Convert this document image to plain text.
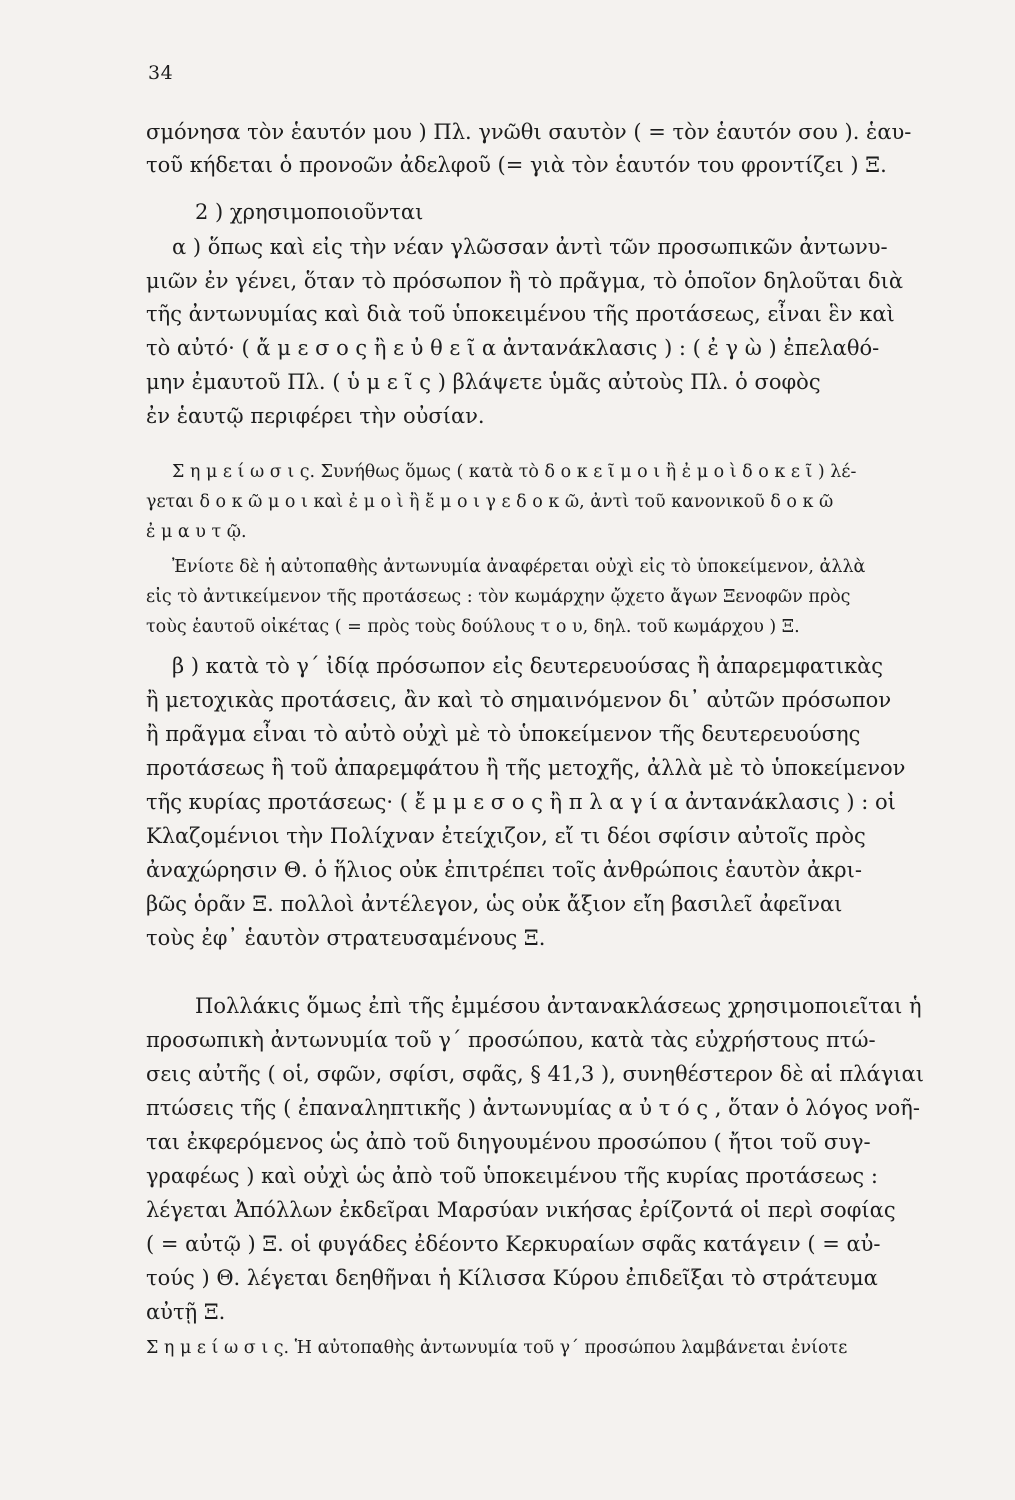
34
σμόνησα τὸν ἑαυτόν μου ) Πλ. γνῶθι σαυτὸν ( = τὸν ἑαυτόν σου ). ἑαυ-
τοῦ κήδεται ὁ προνοῶν ἀδελφοῦ (= γιὰ τὸν ἑαυτόν του φροντίζει ) Ξ.
2 ) χρησιμοποιοῦνται
α ) ὅπως καὶ εἰς τὴν νέαν γλῶσσαν ἀντὶ τῶν προσωπικῶν ἀντωνυ-
μιῶν ἐν γένει, ὅταν τὸ πρόσωπον ἢ τὸ πρᾶγμα, τὸ ὁποῖον δηλοῦται διὰ
τῆς ἀντωνυμίας καὶ διὰ τοῦ ὑποκειμένου τῆς προτάσεως, εἶναι ἓν καὶ
τὸ αὐτό· ( ἄ μ ε σ ο ς ἢ ε ὐ θ ε ῖ α ἀντανάκλασις ) : ( ἐ γ ὼ ) ἐπελαθό-
μην ἐμαυτοῦ Πλ. ( ὑ μ ε ῖ ς ) βλάψετε ὑμᾶς αὐτοὺς Πλ. ὁ σοφὸς
ἐν ἑαυτῷ περιφέρει τὴν οὐσίαν.
Σ η μ ε ί ω σ ι ς. Συνήθως ὅμως ( κατὰ τὸ δ ο κ ε ῖ μ ο ι ἢ ἐ μ ο ὶ δ ο κ ε ῖ ) λέ-
γεται δ ο κ ῶ μ ο ι καὶ ἐ μ ο ὶ ἢ ἔ μ ο ι γ ε δ ο κ ῶ, ἀντὶ τοῦ κανονικοῦ δ ο κ ῶ
ἐ μ α υ τ ῷ.
Ἐνίοτε δὲ ἡ αὐτοπαθὴς ἀντωνυμία ἀναφέρεται οὐχὶ εἰς τὸ ὑποκείμενον, ἀλλὰ
εἰς τὸ ἀντικείμενον τῆς προτάσεως : τὸν κωμάρχην ᾤχετο ἄγων Ξενοφῶν πρὸς
τοὺς ἑαυτοῦ οἰκέτας ( = πρὸς τοὺς δούλους τ ο υ, δηλ. τοῦ κωμάρχου ) Ξ.
β ) κατὰ τὸ γ΄ ἰδίᾳ πρόσωπον εἰς δευτερευούσας ἢ ἀπαρεμφατικὰς
ἢ μετοχικὰς προτάσεις, ἂν καὶ τὸ σημαινόμενον δι᾽ αὐτῶν πρόσωπον
ἢ πρᾶγμα εἶναι τὸ αὐτὸ οὐχὶ μὲ τὸ ὑποκείμενον τῆς δευτερευούσης
προτάσεως ἢ τοῦ ἀπαρεμφάτου ἢ τῆς μετοχῆς, ἀλλὰ μὲ τὸ ὑποκείμενον
τῆς κυρίας προτάσεως· ( ἔ μ μ ε σ ο ς ἢ π λ α γ ί α ἀντανάκλασις ) : οἱ
Κλαζομένιοι τὴν Πολίχναν ἐτείχιζον, εἴ τι δέοι σφίσιν αὐτοῖς πρὸς
ἀναχώρησιν Θ. ὁ ἥλιος οὐκ ἐπιτρέπει τοῖς ἀνθρώποις ἑαυτὸν ἀκρι-
βῶς ὁρᾶν Ξ. πολλοὶ ἀντέλεγον, ὡς οὐκ ἄξιον εἴη βασιλεῖ ἀφεῖναι
τοὺς ἐφ᾽ ἑαυτὸν στρατευσαμένους Ξ.
Πολλάκις ὅμως ἐπὶ τῆς ἐμμέσου ἀντανακλάσεως χρησιμοποιεῖται ἡ
προσωπικὴ ἀντωνυμία τοῦ γ΄ προσώπου, κατὰ τὰς εὐχρήστους πτώ-
σεις αὐτῆς ( οἱ, σφῶν, σφίσι, σφᾶς, § 41,3 ), συνηθέστερον δὲ αἱ πλάγιαι
πτώσεις τῆς ( ἐπαναληπτικῆς ) ἀντωνυμίας α ὐ τ ό ς , ὅταν ὁ λόγος νοῆ-
ται ἐκφερόμενος ὡς ἀπὸ τοῦ διηγουμένου προσώπου ( ἤτοι τοῦ συγ-
γραφέως ) καὶ οὐχὶ ὡς ἀπὸ τοῦ ὑποκειμένου τῆς κυρίας προτάσεως :
λέγεται Ἀπόλλων ἐκδεῖραι Μαρσύαν νικήσας ἐρίζοντά οἱ περὶ σοφίας
( = αὐτῷ ) Ξ. οἱ φυγάδες ἐδέοντο Κερκυραίων σφᾶς κατάγειν ( = αὐ-
τούς ) Θ. λέγεται δεηθῆναι ἡ Κίλισσα Κύρου ἐπιδεῖξαι τὸ στράτευμα
αὐτῇ Ξ.
Σ η μ ε ί ω σ ι ς. Ἡ αὐτοπαθὴς ἀντωνυμία τοῦ γ΄ προσώπου λαμβάνεται ἐνίοτε
